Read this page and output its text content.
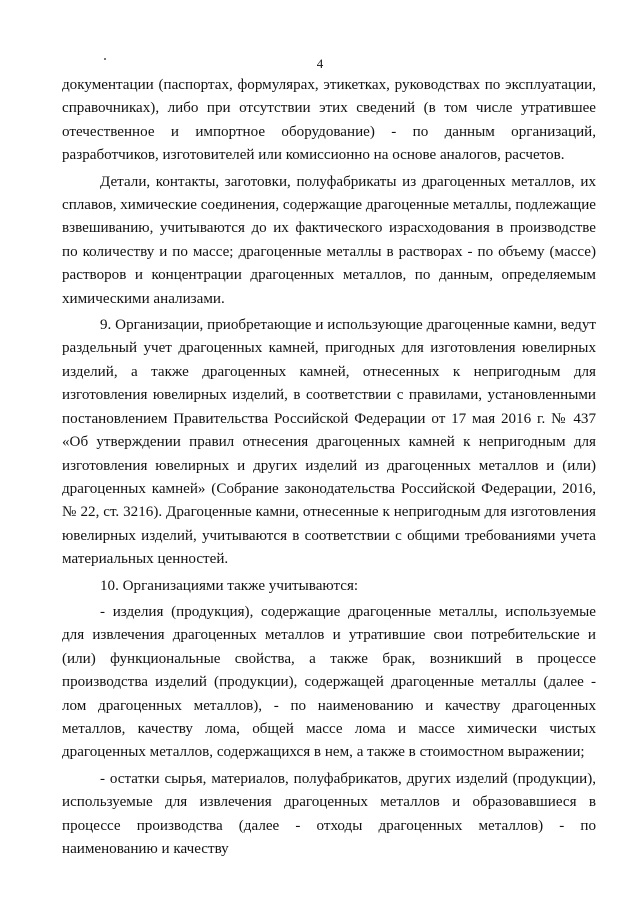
4

документации (паспортах, формулярах, этикетках, руководствах по эксплуатации, справочниках), либо при отсутствии этих сведений (в том числе утратившее отечественное и импортное оборудование) - по данным организаций, разработчиков, изготовителей или комиссионно на основе аналогов, расчетов.

Детали, контакты, заготовки, полуфабрикаты из драгоценных металлов, их сплавов, химические соединения, содержащие драгоценные металлы, подлежащие взвешиванию, учитываются до их фактического израсходования в производстве по количеству и по массе; драгоценные металлы в растворах - по объему (массе) растворов и концентрации драгоценных металлов, по данным, определяемым химическими анализами.

9. Организации, приобретающие и использующие драгоценные камни, ведут раздельный учет драгоценных камней, пригодных для изготовления ювелирных изделий, а также драгоценных камней, отнесенных к непригодным для изготовления ювелирных изделий, в соответствии с правилами, установленными постановлением Правительства Российской Федерации от 17 мая 2016 г. № 437 «Об утверждении правил отнесения драгоценных камней к непригодным для изготовления ювелирных и других изделий из драгоценных металлов и (или) драгоценных камней» (Собрание законодательства Российской Федерации, 2016, № 22, ст. 3216). Драгоценные камни, отнесенные к непригодным для изготовления ювелирных изделий, учитываются в соответствии с общими требованиями учета материальных ценностей.

10. Организациями также учитываются:

- изделия (продукция), содержащие драгоценные металлы, используемые для извлечения драгоценных металлов и утратившие свои потребительские и (или) функциональные свойства, а также брак, возникший в процессе производства изделий (продукции), содержащей драгоценные металлы (далее - лом драгоценных металлов), - по наименованию и качеству драгоценных металлов, качеству лома, общей массе лома и массе химически чистых драгоценных металлов, содержащихся в нем, а также в стоимостном выражении;

- остатки сырья, материалов, полуфабрикатов, других изделий (продукции), используемые для извлечения драгоценных металлов и образовавшиеся в процессе производства (далее - отходы драгоценных металлов) - по наименованию и качеству
